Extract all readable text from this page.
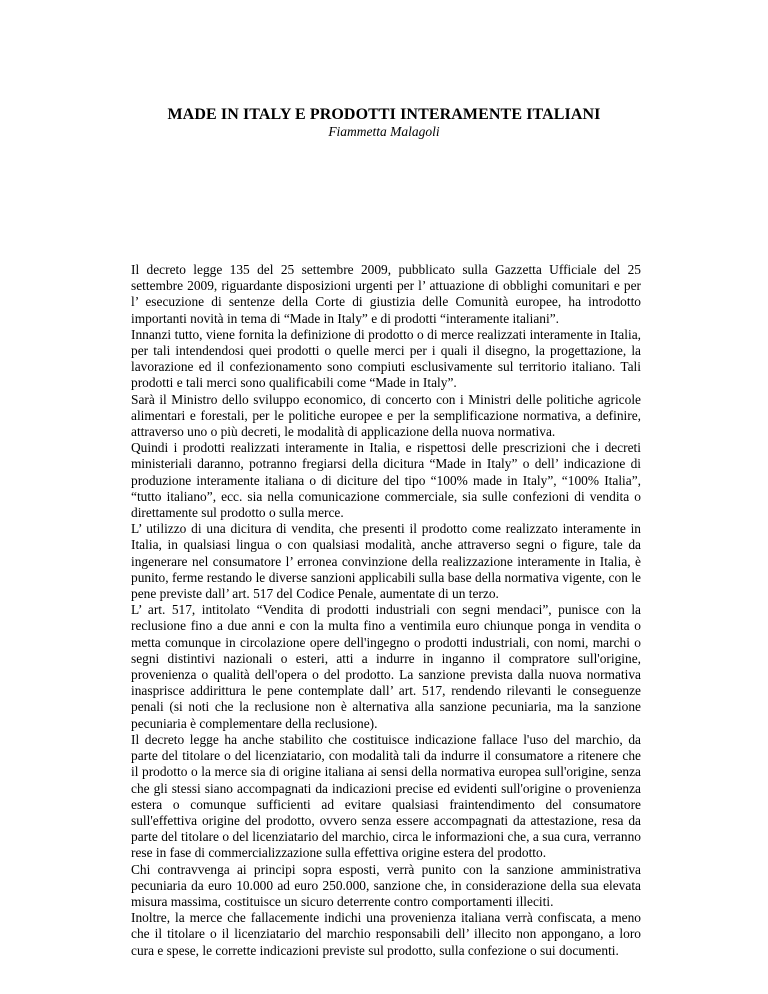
MADE IN ITALY E PRODOTTI INTERAMENTE ITALIANI
Fiammetta Malagoli

Il decreto legge 135 del 25 settembre 2009, pubblicato sulla Gazzetta Ufficiale del 25 settembre 2009, riguardante disposizioni urgenti per l’ attuazione di obblighi comunitari e per l’ esecuzione di sentenze della Corte di giustizia delle Comunità europee, ha introdotto importanti novità in tema di “Made in Italy” e di prodotti “interamente italiani”.

Innanzi tutto, viene fornita la definizione di prodotto o di merce realizzati interamente in Italia, per tali intendendosi quei prodotti o quelle merci per i quali il disegno, la progettazione, la lavorazione ed il confezionamento sono compiuti esclusivamente sul territorio italiano. Tali prodotti e tali merci sono qualificabili come “Made in Italy”.

Sarà il Ministro dello sviluppo economico, di concerto con i Ministri delle politiche agricole alimentari e forestali, per le politiche europee e per la semplificazione normativa, a definire, attraverso uno o più decreti, le modalità di applicazione della nuova normativa.

Quindi i prodotti realizzati interamente in Italia, e rispettosi delle prescrizioni che i decreti ministeriali daranno, potranno fregiarsi della dicitura “Made in Italy” o dell’ indicazione di produzione interamente italiana o di diciture del tipo “100% made in Italy”, “100% Italia”, “tutto italiano”, ecc. sia nella comunicazione commerciale, sia sulle confezioni di vendita o direttamente sul prodotto o sulla merce.

L’ utilizzo di una dicitura di vendita, che presenti il prodotto come realizzato interamente in Italia, in qualsiasi lingua o con qualsiasi modalità, anche attraverso segni o figure, tale da ingenerare nel consumatore l’ erronea convinzione della realizzazione interamente in Italia, è punito, ferme restando le diverse sanzioni applicabili sulla base della normativa vigente, con le pene previste dall’ art. 517 del Codice Penale, aumentate di un terzo.

L’ art. 517, intitolato “Vendita di prodotti industriali con segni mendaci”, punisce con la reclusione fino a due anni e con la multa fino a ventimila euro chiunque ponga in vendita o metta comunque in circolazione opere dell'ingegno o prodotti industriali, con nomi, marchi o segni distintivi nazionali o esteri, atti a indurre in inganno il compratore sull'origine, provenienza o qualità dell'opera o del prodotto. La sanzione prevista dalla nuova normativa inasprisce addirittura le pene contemplate dall’ art. 517, rendendo rilevanti le conseguenze penali (si noti che la reclusione non è alternativa alla sanzione pecuniaria, ma la sanzione pecuniaria è complementare della reclusione).

Il decreto legge ha anche stabilito che costituisce indicazione fallace l'uso del marchio, da parte del titolare o del licenziatario, con modalità tali da indurre il consumatore a ritenere che il prodotto o la merce sia di origine italiana ai sensi della normativa europea sull'origine, senza che gli stessi siano accompagnati da indicazioni precise ed evidenti sull'origine o provenienza estera o comunque sufficienti ad evitare qualsiasi fraintendimento del consumatore sull'effettiva origine del prodotto, ovvero senza essere accompagnati da attestazione, resa da parte del titolare o del licenziatario del marchio, circa le informazioni che, a sua cura, verranno rese in fase di commercializzazione sulla effettiva origine estera del prodotto.

Chi contravvenga ai principi sopra esposti, verrà punito con la sanzione amministrativa pecuniaria da euro 10.000 ad euro 250.000, sanzione che, in considerazione della sua elevata misura massima, costituisce un sicuro deterrente contro comportamenti illeciti.

Inoltre, la merce che fallacemente indichi una provenienza italiana verrà confiscata, a meno che il titolare o il licenziatario del marchio responsabili dell’ illecito non appongano, a loro cura e spese, le corrette indicazioni previste sul prodotto, sulla confezione o sui documenti.
